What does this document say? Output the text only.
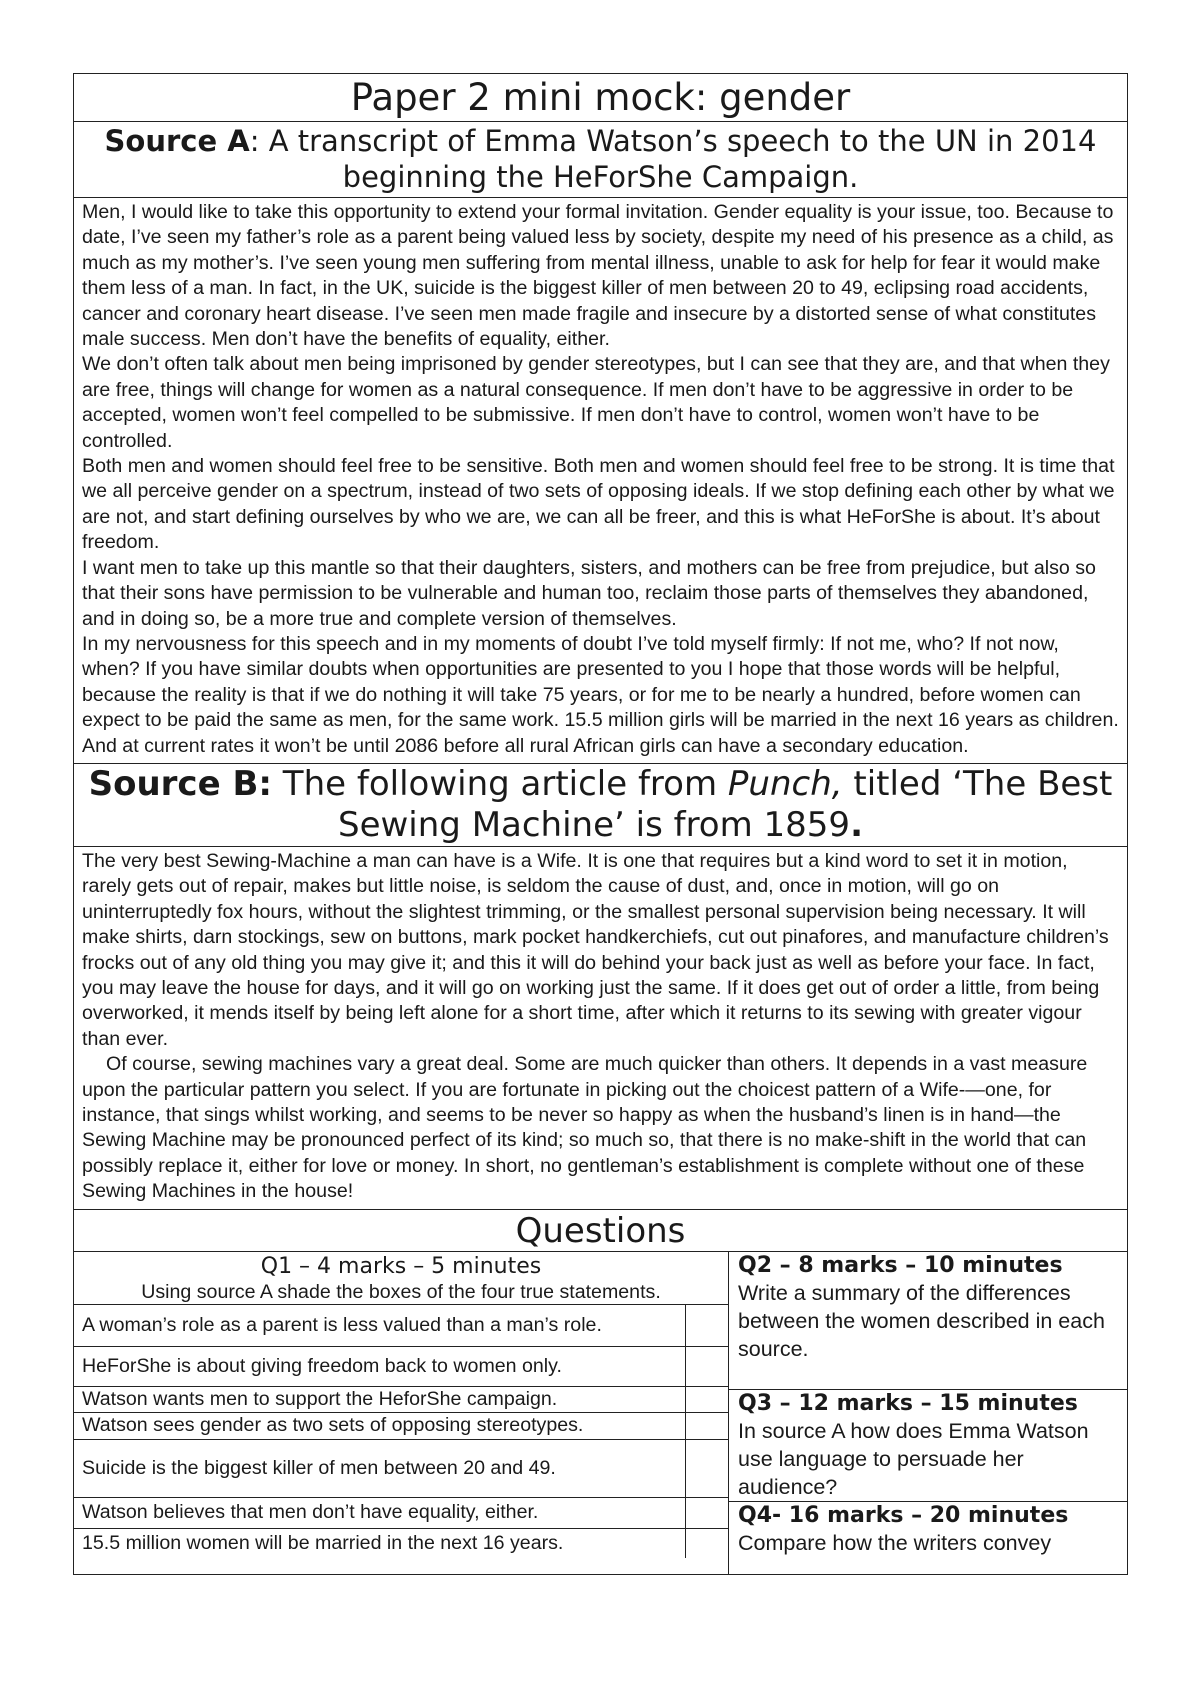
Paper 2 mini mock: gender
Source A: A transcript of Emma Watson’s speech to the UN in 2014 beginning the HeForShe Campaign.

Men, I would like to take this opportunity to extend your formal invitation. Gender equality is your issue, too. Because to date, I’ve seen my father’s role as a parent being valued less by society, despite my need of his presence as a child, as much as my mother’s. I’ve seen young men suffering from mental illness, unable to ask for help for fear it would make them less of a man. In fact, in the UK, suicide is the biggest killer of men between 20 to 49, eclipsing road accidents, cancer and coronary heart disease. I’ve seen men made fragile and insecure by a distorted sense of what constitutes male success. Men don’t have the benefits of equality, either.

We don’t often talk about men being imprisoned by gender stereotypes, but I can see that they are, and that when they are free, things will change for women as a natural consequence. If men don’t have to be aggressive in order to be accepted, women won’t feel compelled to be submissive. If men don’t have to control, women won’t have to be controlled.

Both men and women should feel free to be sensitive. Both men and women should feel free to be strong. It is time that we all perceive gender on a spectrum, instead of two sets of opposing ideals. If we stop defining each other by what we are not, and start defining ourselves by who we are, we can all be freer, and this is what HeForShe is about. It’s about freedom.

I want men to take up this mantle so that their daughters, sisters, and mothers can be free from prejudice, but also so that their sons have permission to be vulnerable and human too, reclaim those parts of themselves they abandoned, and in doing so, be a more true and complete version of themselves.

In my nervousness for this speech and in my moments of doubt I’ve told myself firmly: If not me, who? If not now, when? If you have similar doubts when opportunities are presented to you I hope that those words will be helpful, because the reality is that if we do nothing it will take 75 years, or for me to be nearly a hundred, before women can expect to be paid the same as men, for the same work. 15.5 million girls will be married in the next 16 years as children. And at current rates it won’t be until 2086 before all rural African girls can have a secondary education.

Source B: The following article from Punch, titled ‘The Best Sewing Machine’ is from 1859.

The very best Sewing-Machine a man can have is a Wife. It is one that requires but a kind word to set it in motion, rarely gets out of repair, makes but little noise, is seldom the cause of dust, and, once in motion, will go on uninterruptedly fox hours, without the slightest trimming, or the smallest personal supervision being necessary. It will make shirts, darn stockings, sew on buttons, mark pocket handkerchiefs, cut out pinafores, and manufacture children’s frocks out of any old thing you may give it; and this it will do behind your back just as well as before your face. In fact, you may leave the house for days, and it will go on working just the same. If it does get out of order a little, from being overworked, it mends itself by being left alone for a short time, after which it returns to its sewing with greater vigour than ever.

Of course, sewing machines vary a great deal. Some are much quicker than others. It depends in a vast measure upon the particular pattern you select. If you are fortunate in picking out the choicest pattern of a Wife-—one, for instance, that sings whilst working, and seems to be never so happy as when the husband’s linen is in hand—the Sewing Machine may be pronounced perfect of its kind; so much so, that there is no make-shift in the world that can possibly replace it, either for love or money. In short, no gentleman’s establishment is complete without one of these Sewing Machines in the house!

Questions
Q1 – 4 marks – 5 minutes
Using source A shade the boxes of the four true statements.
A woman’s role as a parent is less valued than a man’s role.
HeForShe is about giving freedom back to women only.
Watson wants men to support the HeforShe campaign.
Watson sees gender as two sets of opposing stereotypes.
Suicide is the biggest killer of men between 20 and 49.
Watson believes that men don’t have equality, either.
15.5 million women will be married in the next 16 years.
Q2 – 8 marks – 10 minutes
Write a summary of the differences between the women described in each source.
Q3 – 12 marks – 15 minutes
In source A how does Emma Watson use language to persuade her audience?
Q4- 16 marks – 20 minutes
Compare how the writers convey
